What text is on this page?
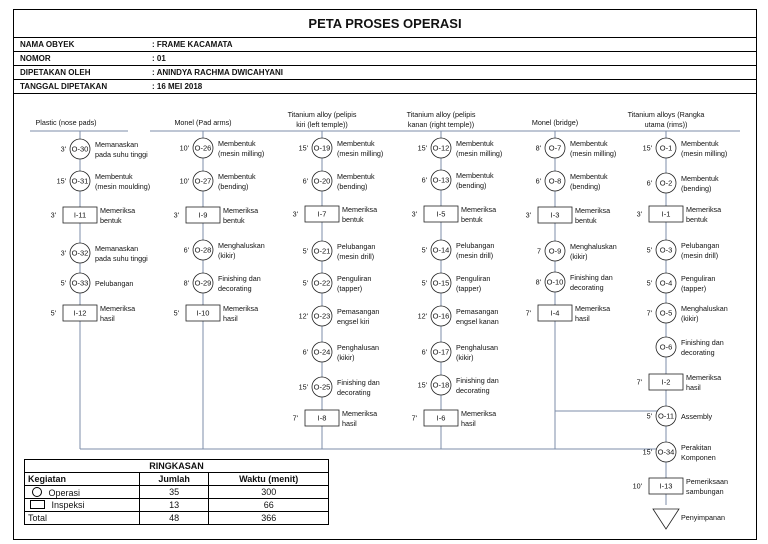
PETA PROSES OPERASI
NAMA OBYEK	: FRAME KACAMATA
NOMOR	: 01
DIPETAKAN OLEH	: ANINDYA RACHMA DWICAHYANI
TANGGAL DIPETAKAN	: 16 MEI 2018
Plastic (nose pads)	Monel (Pad arms)
Titanium alloy (pelipis
kiri (left temple))
Titanium alloy (pelipis
kanan (right temple))	Monel (bridge)
Titanium alloys (Rangka
utama (rims))
O-30
3'	Memanaskan
pada suhu tinggi
O-31
15'	Membentuk
(mesin moulding)
I-11
3'	Memeriksa
bentuk
O-32
3'	Memanaskan
pada suhu tinggi
O-33
5'	Pelubangan
I-12
5'	Memeriksa
hasil
O-26
10'	Membentuk
(mesin milling)
O-27
10'	Membentuk
(bending)
I-9
3'	Memeriksa
bentuk
O-28
6'	Menghaluskan
(kikir)
O-29
8'	Finishing dan
decorating
I-10
5'	Memeriksa
hasil
O-19
15'	Membentuk
(mesin milling)
O-20
6'	Membentuk
(bending)
I-7
3'	Memeriksa
bentuk
O-21
5'	Pelubangan
(mesin drill)
O-22
5'	Penguliran
(tapper)
O-23
12'	Pemasangan
engsel kiri
O-24
6'	Penghalusan
(kikir)
O-25
15'	Finishing dan
decorating
I-8
7'	Memeriksa
hasil
O-12
15'	Membentuk
(mesin milling)
O-13
6'	Membentuk
(bending)
I-5
3'	Memeriksa
bentuk
O-14
5'	Pelubangan
(mesin drill)
O-15
5'	Penguliran
(tapper)
O-16
12'	Pemasangan
engsel kanan
O-17
6'	Penghalusan
(kikir)
O-18
15'	Finishing dan
decorating
I-6
7'	Memeriksa
hasil
O-7
8'	Membentuk
(mesin milling)
O-8
6'	Membentuk
(bending)
I-3
3'	Memeriksa
bentuk
O-9
7	Menghaluskan
(kikir)
O-10
8'	Finishing dan
decorating
I-4
7'	Memeriksa
hasil
O-1
15'	Membentuk
(mesin milling)
O-2
6'	Membentuk
(bending)
I-1
3'	Memeriksa
bentuk
O-3
5'	Pelubangan
(mesin drill)
O-4
5'	Penguliran
(tapper)
O-5
7'	Menghaluskan
(kikir)
O-6 Finishing dan
decorating
I-2
7'	Memeriksa
hasil
O-11
5'	Assembly
O-34
15'	Perakitan
Komponen
I-13
10'	Pemeriksaan
sambungan
Penyimpanan
RINGKASAN		
Kegiatan	Jumlah	Waktu (menit)
Operasi	35	300
Inspeksi	13	66
Total	48	366
